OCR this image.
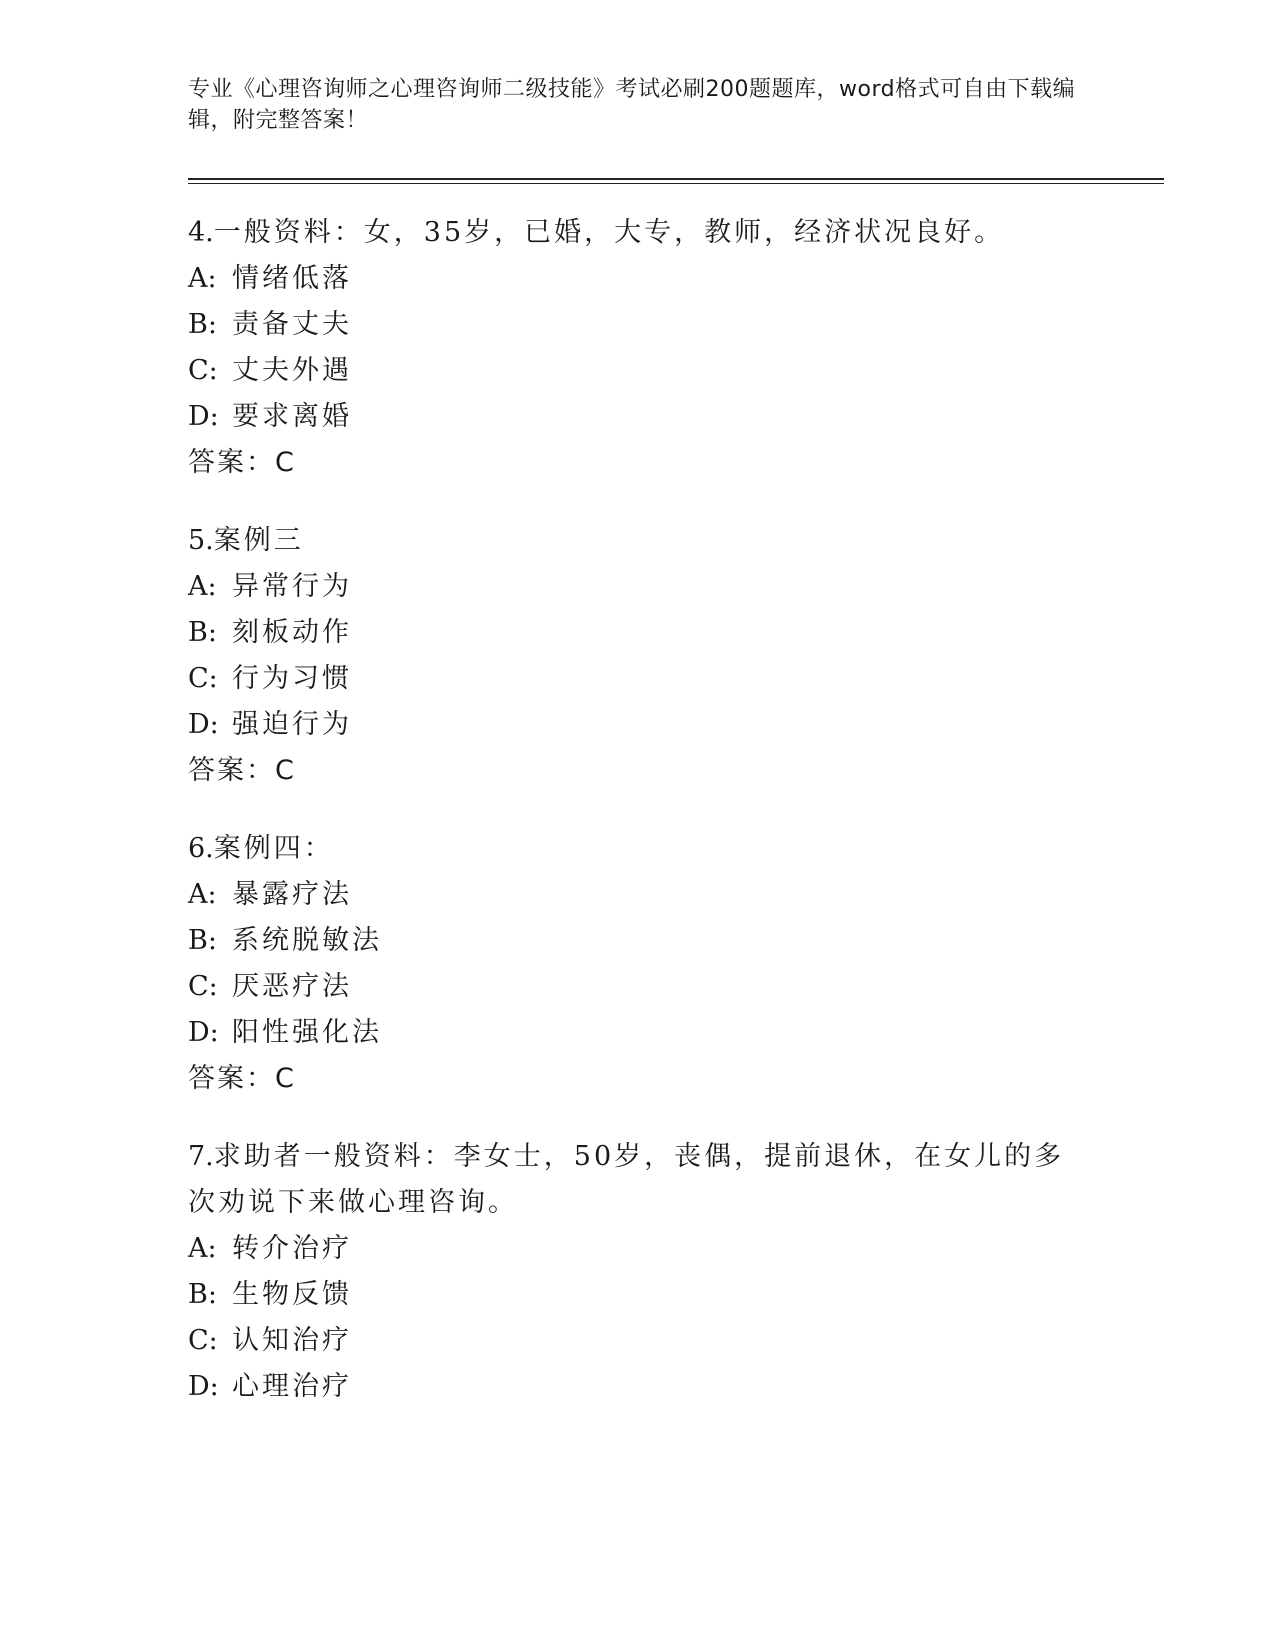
专业《心理咨询师之心理咨询师二级技能》考试必刷200题题库，word格式可自由下载编辑，附完整答案！

4.一般资料：女，35岁，已婚，大专，教师，经济状况良好。

A: 情绪低落

B: 责备丈夫

C: 丈夫外遇

D: 要求离婚

答案：C

5.案例三

A: 异常行为

B: 刻板动作

C: 行为习惯

D: 强迫行为

答案：C

6.案例四：

A: 暴露疗法

B: 系统脱敏法

C: 厌恶疗法

D: 阳性强化法

答案：C

7.求助者一般资料：李女士，50岁，丧偶，提前退休，在女儿的多次劝说下来做心理咨询。

A: 转介治疗

B: 生物反馈

C: 认知治疗

D: 心理治疗
